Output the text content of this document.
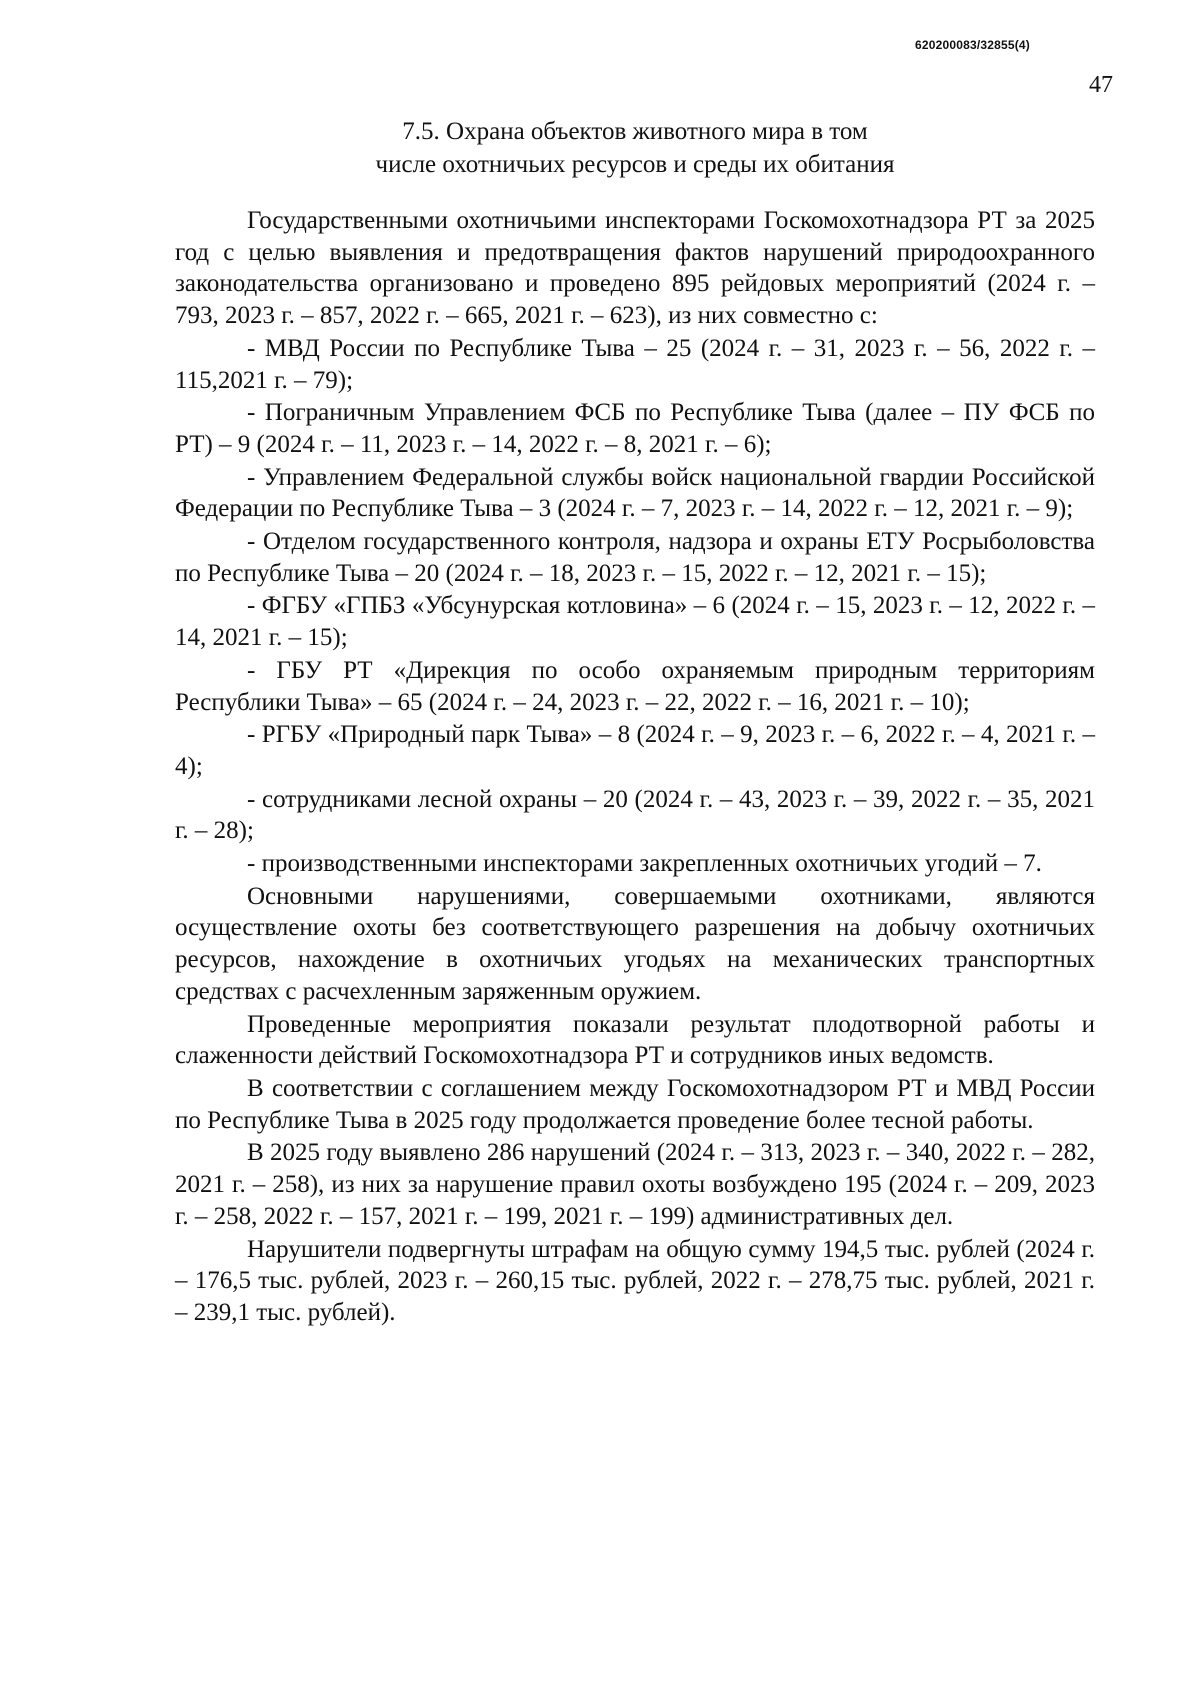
620200083/32855(4)
47
7.5. Охрана объектов животного мира в том
числе охотничьих ресурсов и среды их обитания

Государственными охотничьими инспекторами Госкомохотнадзора РТ за 2025 год с целью выявления и предотвращения фактов нарушений природоохранного законодательства организовано и проведено 895 рейдовых мероприятий (2024 г. – 793, 2023 г. – 857, 2022 г. – 665, 2021 г. – 623), из них совместно с:

- МВД России по Республике Тыва – 25 (2024 г. – 31, 2023 г. – 56, 2022 г. – 115,2021 г. – 79);

- Пограничным Управлением ФСБ по Республике Тыва (далее – ПУ ФСБ по РТ) – 9 (2024 г. – 11, 2023 г. – 14, 2022 г. – 8, 2021 г. – 6);

- Управлением Федеральной службы войск национальной гвардии Российской Федерации по Республике Тыва – 3 (2024 г. – 7, 2023 г. – 14, 2022 г. – 12, 2021 г. – 9);

- Отделом государственного контроля, надзора и охраны ЕТУ Росрыболовства по Республике Тыва – 20 (2024 г. – 18, 2023 г. – 15, 2022 г. – 12, 2021 г. – 15);

- ФГБУ «ГПБЗ «Убсунурская котловина» – 6 (2024 г. – 15, 2023 г. – 12, 2022 г. – 14, 2021 г. – 15);

- ГБУ РТ «Дирекция по особо охраняемым природным территориям Республики Тыва» – 65 (2024 г. – 24, 2023 г. – 22, 2022 г. – 16, 2021 г. – 10);

- РГБУ «Природный парк Тыва» – 8 (2024 г. – 9, 2023 г. – 6, 2022 г. – 4, 2021 г. – 4);

- сотрудниками лесной охраны – 20 (2024 г. – 43, 2023 г. – 39, 2022 г. – 35, 2021 г. – 28);

- производственными инспекторами закрепленных охотничьих угодий – 7.

Основными нарушениями, совершаемыми охотниками, являются осуществление охоты без соответствующего разрешения на добычу охотничьих ресурсов, нахождение в охотничьих угодьях на механических транспортных средствах с расчехленным заряженным оружием.

Проведенные мероприятия показали результат плодотворной работы и слаженности действий Госкомохотнадзора РТ и сотрудников иных ведомств.

В соответствии с соглашением между Госкомохотнадзором РТ и МВД России по Республике Тыва в 2025 году продолжается проведение более тесной работы.

В 2025 году выявлено 286 нарушений (2024 г. – 313, 2023 г. – 340, 2022 г. – 282, 2021 г. – 258), из них за нарушение правил охоты возбуждено 195 (2024 г. – 209, 2023 г. – 258, 2022 г. – 157, 2021 г. – 199, 2021 г. – 199) административных дел.

Нарушители подвергнуты штрафам на общую сумму 194,5 тыс. рублей (2024 г. – 176,5 тыс. рублей, 2023 г. – 260,15 тыс. рублей, 2022 г. – 278,75 тыс. рублей, 2021 г. – 239,1 тыс. рублей).
